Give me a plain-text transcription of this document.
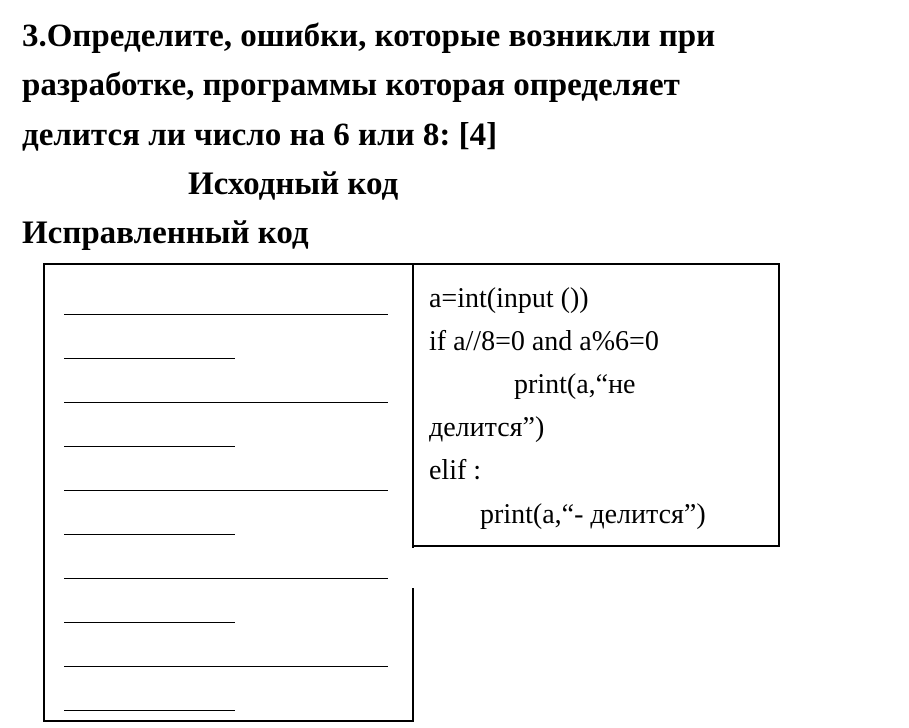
3.Определите, ошибки, которые возникли при
разработке, программы которая определяет
делится ли число на 6 или 8: [4]
Исходный код
Исправленный код
a=int(input ())
if a//8=0 and a%6=0
print(a,“не
делится”)
elif :
print(a,“- делится”)
